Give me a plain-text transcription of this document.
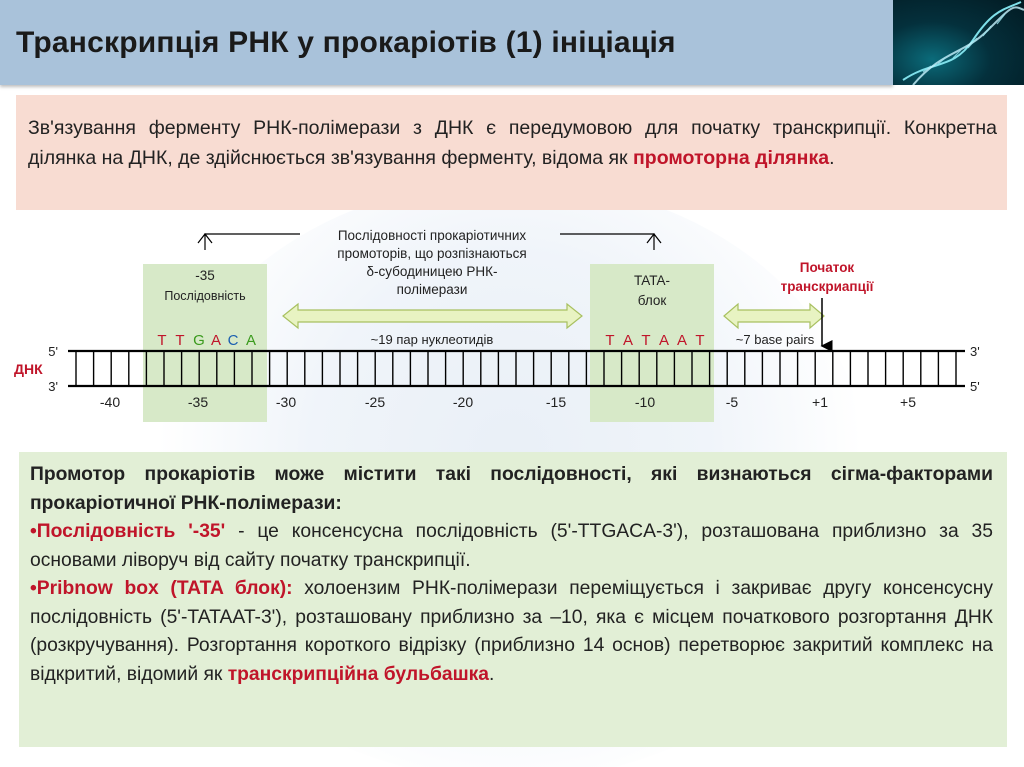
Транскрипція РНК у прокаріотів (1) ініціація
Зв'язування ферменту РНК-полімерази з ДНК є передумовою для початку транскрипції. Конкретна ділянка на ДНК, де здійснюється зв'язування ферменту, відома як промоторна ділянка.
Послідовності прокаріотичних
промоторів, що розпізнаються
δ-субодиницею РНК-
полімерази
-35
Послідовність
TATA-
блок
T T G A C A	T A T A A T
~19 пар нуклеотидів	~7 base pairs
Початок
транскриапції
5'
3'
3'
5'
ДНК
-40	-35	-30	-25	-20	-15	-10	-5	+1	+5

Промотор прокаріотів може містити такі послідовності, які визнаються сігма-факторами прокаріотичної РНК-полімерази:

•Послідовність '-35' - це консенсусна послідовність (5'-TTGACA-3'), розташована приблизно за 35 основами ліворуч від сайту початку транскрипції.

•Pribnow box (TATA блок): холоензим РНК-полімерази переміщується і закриває другу консенсусну послідовність (5'-TATAAT-3'), розташовану приблизно за –10, яка є місцем початкового розгортання ДНК (розкручування). Розгортання короткого відрізку (приблизно 14 основ) перетворює закритий комплекс на відкритий, відомий як транскрипційна бульбашка.
